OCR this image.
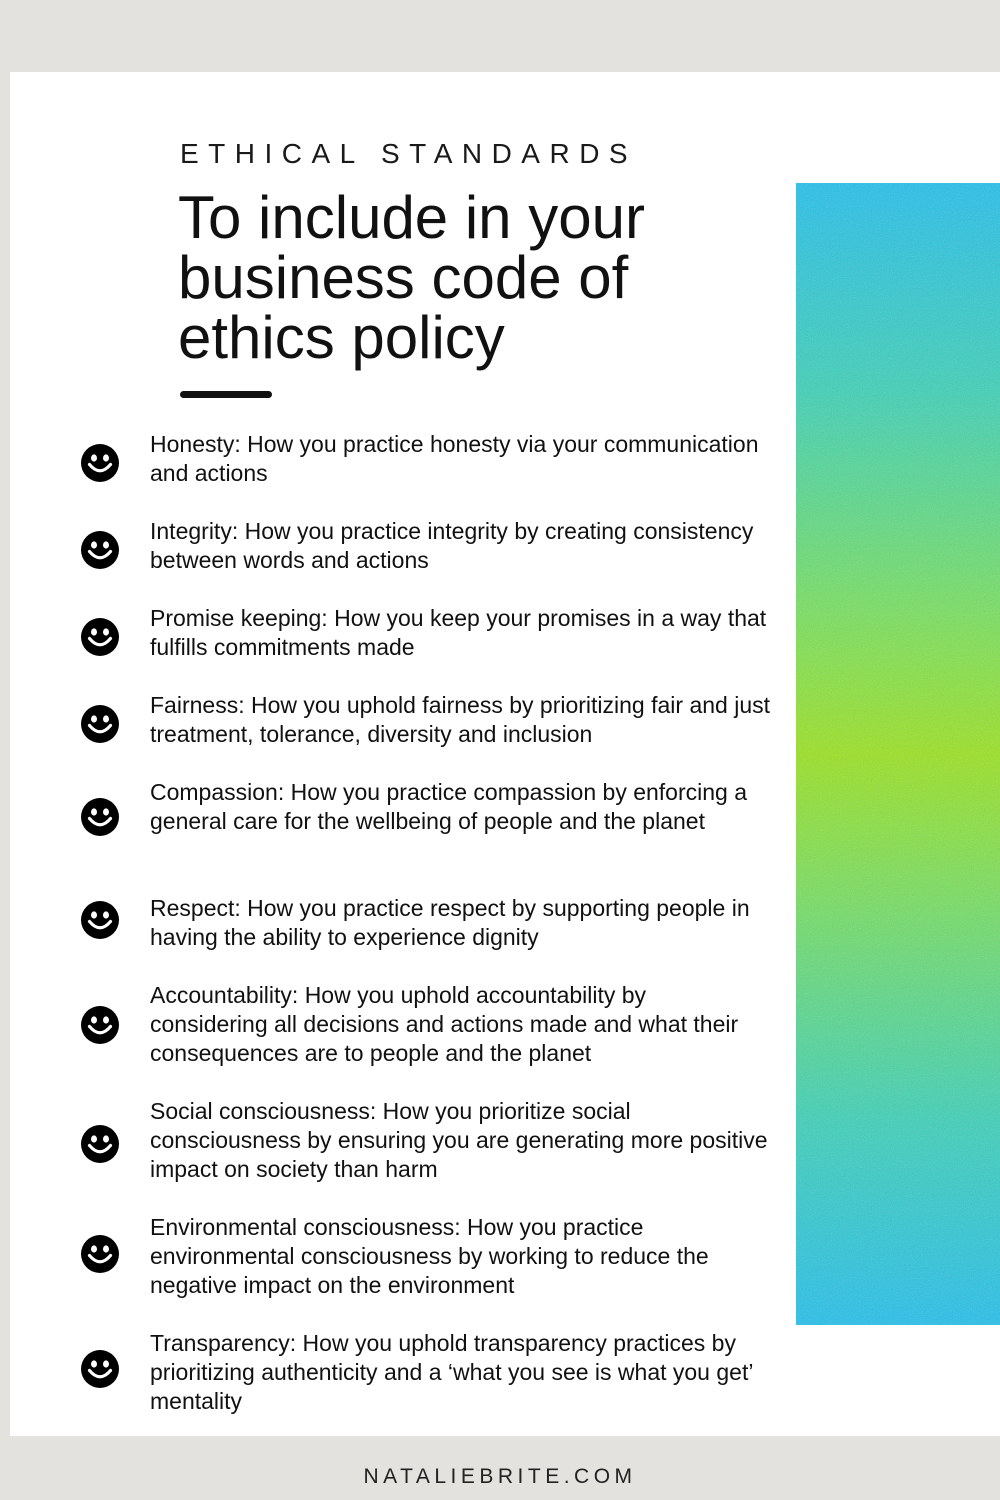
ETHICAL STANDARDS
To include in your business code of ethics policy

Honesty: How you practice honesty via your communication and actions

Integrity: How you practice integrity by creating consistency between words and actions

Promise keeping: How you keep your promises in a way that fulfills commitments made

Fairness: How you uphold fairness by prioritizing fair and just treatment, tolerance, diversity and inclusion

Compassion: How you practice compassion by enforcing a general care for the wellbeing of people and the planet

Respect: How you practice respect by supporting people in having the ability to experience dignity

Accountability: How you uphold accountability by considering all decisions and actions made and what their consequences are to people and the planet

Social consciousness: How you prioritize social consciousness by ensuring you are generating more positive impact on society than harm

Environmental consciousness: How you practice environmental consciousness by working to reduce the negative impact on the environment

Transparency: How you uphold transparency practices by prioritizing authenticity and a ‘what you see is what you get’ mentality

NATALIEBRITE.COM
